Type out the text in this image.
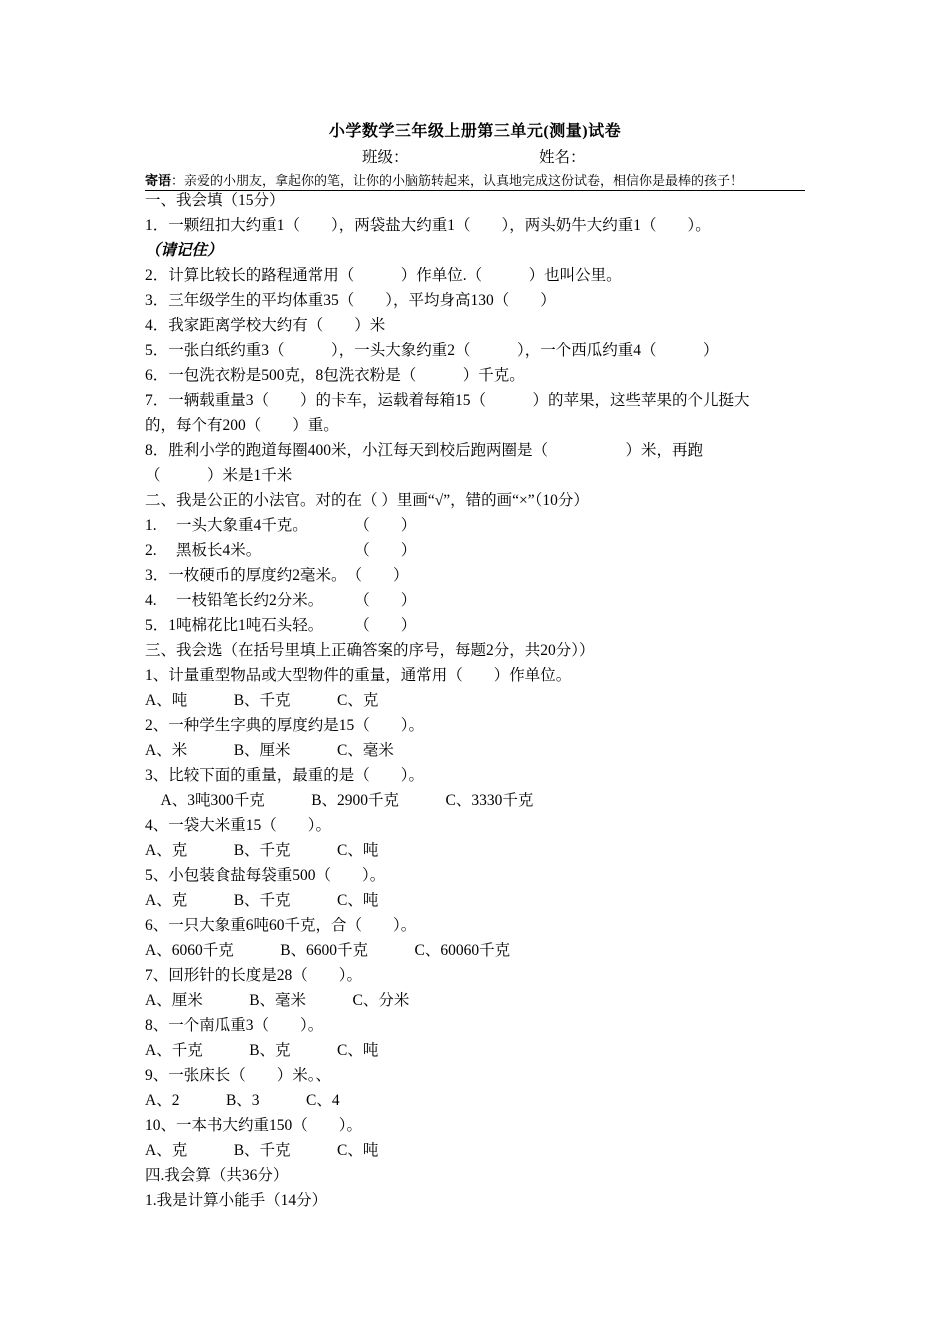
小学数学三年级上册第三单元(测量)试卷
班级：	姓名：
寄语：亲爱的小朋友，拿起你的笔，让你的小脑筋转起来，认真地完成这份试卷，相信你是最棒的孩子！
一、我会填（15分）
1．一颗纽扣大约重1（　　），两袋盐大约重1（　　），两头奶牛大约重1（　　）。
（请记住）
2．计算比较长的路程通常用（　　　）作单位.（　　　）也叫公里。
3．三年级学生的平均体重35（　　），平均身高130（　　）
4．我家距离学校大约有（　　）米
5．一张白纸约重3（　　　），一头大象约重2（　　　），一个西瓜约重4（　　　）
6．一包洗衣粉是500克，8包洗衣粉是（　　　）千克。
7．一辆载重量3（　　）的卡车，运载着每箱15（　　　）的苹果，这些苹果的个儿挺大
的，每个有200（　　）重。
8．胜利小学的跑道每圈400米，小江每天到校后跑两圈是（　　　　　）米，再跑
（　　　）米是1千米
二、我是公正的小法官。对的在（ ）里画“√”，错的画“×”（10分）
1.　 一头大象重4千克。　　　　（　　）
2.　 黑板长4米。　　　　　　　（　　）
3．一枚硬币的厚度约2毫米。　（　　）
4.　 一枝铅笔长约2分米。　　　（　　）
5．1吨棉花比1吨石头轻。　　　（　　）
三、我会选（在括号里填上正确答案的序号，每题2分，共20分））
1、计量重型物品或大型物件的重量，通常用（　　）作单位。
A、吨　　　B、千克　　　C、克
2、一种学生字典的厚度约是15（　　）。
A、米　　　B、厘米　　　C、毫米
3、比较下面的重量，最重的是（　　）。
　A、3吨300千克　　　B、2900千克　　　C、3330千克
4、一袋大米重15（　　）。
A、克　　　B、千克　　　C、吨
5、小包装食盐每袋重500（　　）。
A、克　　　B、千克　　　C、吨
6、一只大象重6吨60千克，合（　　）。
A、6060千克　　　B、6600千克　　　C、60060千克
7、回形针的长度是28（　　）。
A、厘米　　　B、毫米　　　C、分米
8、一个南瓜重3（　　）。
A、千克　　　B、克　　　C、吨
9、一张床长（　　）米。、
A、2　　　B、3　　　C、4
10、一本书大约重150（　　）。
A、克　　　B、千克　　　C、吨
四.我会算（共36分）
1.我是计算小能手（14分）
